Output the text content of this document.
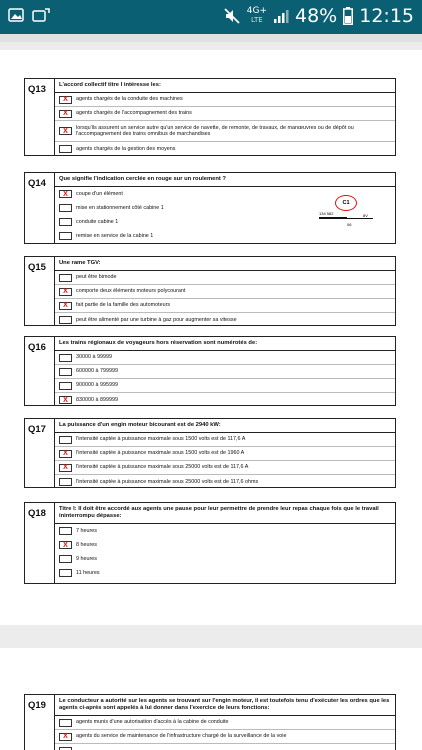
4G+
LTE 48% 12:15
Q13	L'accord collectif titre I intéresse les:
X	agents chargés de la conduite des machines
X	agents chargés de l'accompagnement des trains
X	lorsqu'ils assurent un service autre qu'un service de navette, de remonte, de travaux, de manœuvres ou de dépôt ou l'accompagnement des trains omnibus de marchandises
agents chargés de la gestion des moyens
Q14	Que signifie l'indication cerclée en rouge sur un roulement ?
X	coupe d'un élément
mise en stationnement côté cabine 1
conduite cabine 1
remise en service de la cabine 1
C1
134 582	8V
06
Q15	Une rame TGV:
peut être bimode
X	comporte deux éléments moteurs polycourant
X	fait partie de la famille des automoteurs
peut être alimenté par une turbine à gaz pour augmenter sa vitesse
Q16	Les trains régionaux de voyageurs hors réservation sont numérotés de:
30000 à 99999
600000 à 799999
900000 à 995999
X	830000 à 899999
Q17	La puissance d'un engin moteur bicourant est de 2940 kW:
l'intensité captée à puissance maximale sous 1500 volts est de 117,6 A
X	l'intensité captée à puissance maximale sous 1500 volts est de 1960 A
X	l'intensité captée à puissance maximale sous 25000 volts est de 117,6 A
l'intensité captée à puissance maximale sous 25000 volts est de 117,6 ohms
Q18	Titre I: Il doit être accordé aux agents une pause pour leur permettre de prendre leur repas chaque fois que le travail ininterrompu dépasse:
7 heures
X	8 heures
9 heures
11 heures
Q19	Le conducteur a autorité sur les agents se trouvant sur l'engin moteur, il est toutefois tenu d'exécuter les ordres que les agents ci-après sont appelés à lui donner dans l'exercice de leurs fonctions:
agents munis d'une autorisation d'accès à la cabine de conduite
X	agents du service de maintenance de l'infrastructure chargé de la surveillance de la voie
